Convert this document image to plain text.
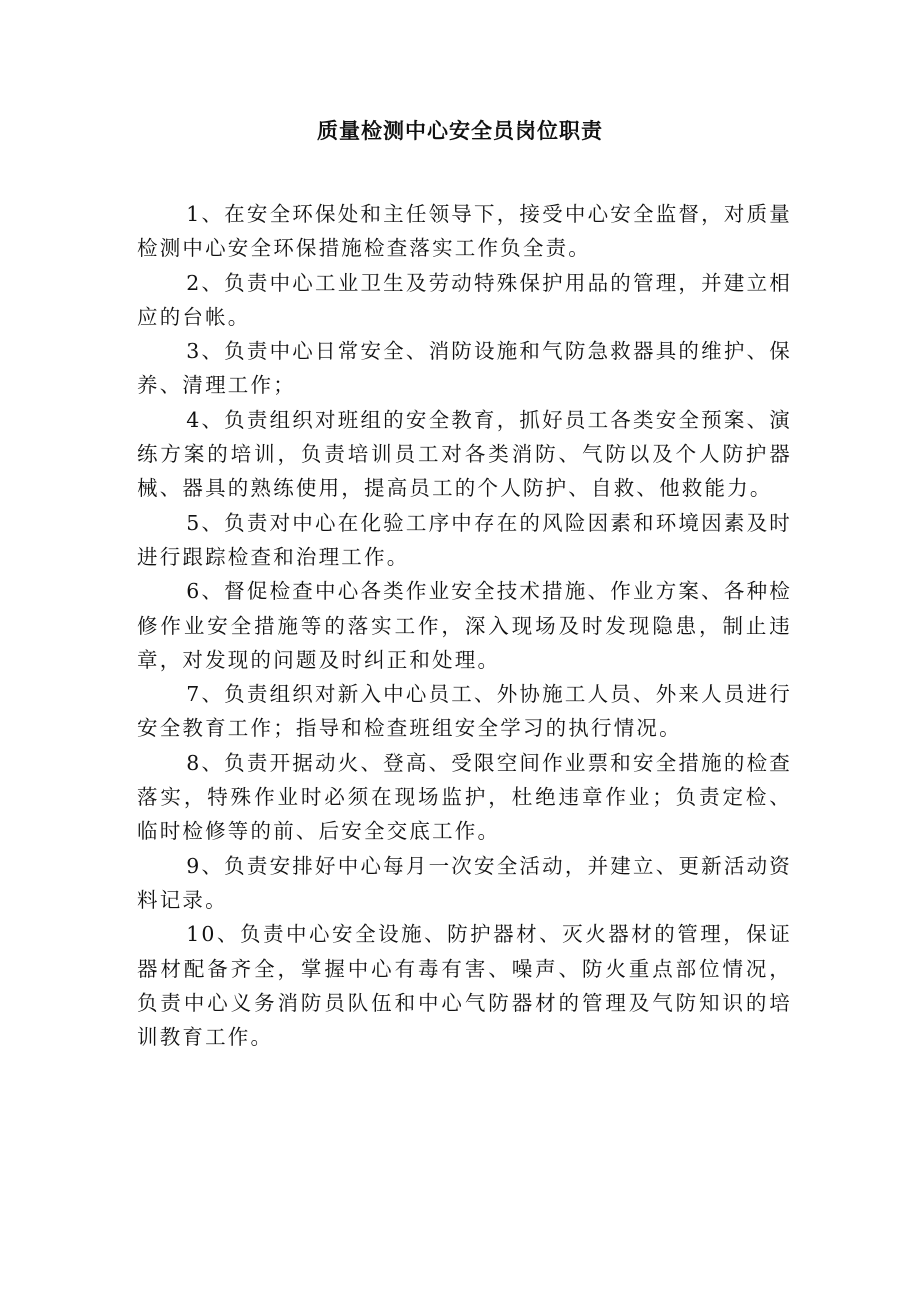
质量检测中心安全员岗位职责

1、在安全环保处和主任领导下，接受中心安全监督，对质量检测中心安全环保措施检查落实工作负全责。

2、负责中心工业卫生及劳动特殊保护用品的管理，并建立相应的台帐。

3、负责中心日常安全、消防设施和气防急救器具的维护、保养、清理工作；

4、负责组织对班组的安全教育，抓好员工各类安全预案、演练方案的培训，负责培训员工对各类消防、气防以及个人防护器械、器具的熟练使用，提高员工的个人防护、自救、他救能力。

5、负责对中心在化验工序中存在的风险因素和环境因素及时进行跟踪检查和治理工作。

6、督促检查中心各类作业安全技术措施、作业方案、各种检修作业安全措施等的落实工作，深入现场及时发现隐患，制止违章，对发现的问题及时纠正和处理。

7、负责组织对新入中心员工、外协施工人员、外来人员进行安全教育工作；指导和检查班组安全学习的执行情况。

8、负责开据动火、登高、受限空间作业票和安全措施的检查落实，特殊作业时必须在现场监护，杜绝违章作业；负责定检、临时检修等的前、后安全交底工作。

9、负责安排好中心每月一次安全活动，并建立、更新活动资料记录。

10、负责中心安全设施、防护器材、灭火器材的管理，保证器材配备齐全，掌握中心有毒有害、噪声、防火重点部位情况，负责中心义务消防员队伍和中心气防器材的管理及气防知识的培训教育工作。
